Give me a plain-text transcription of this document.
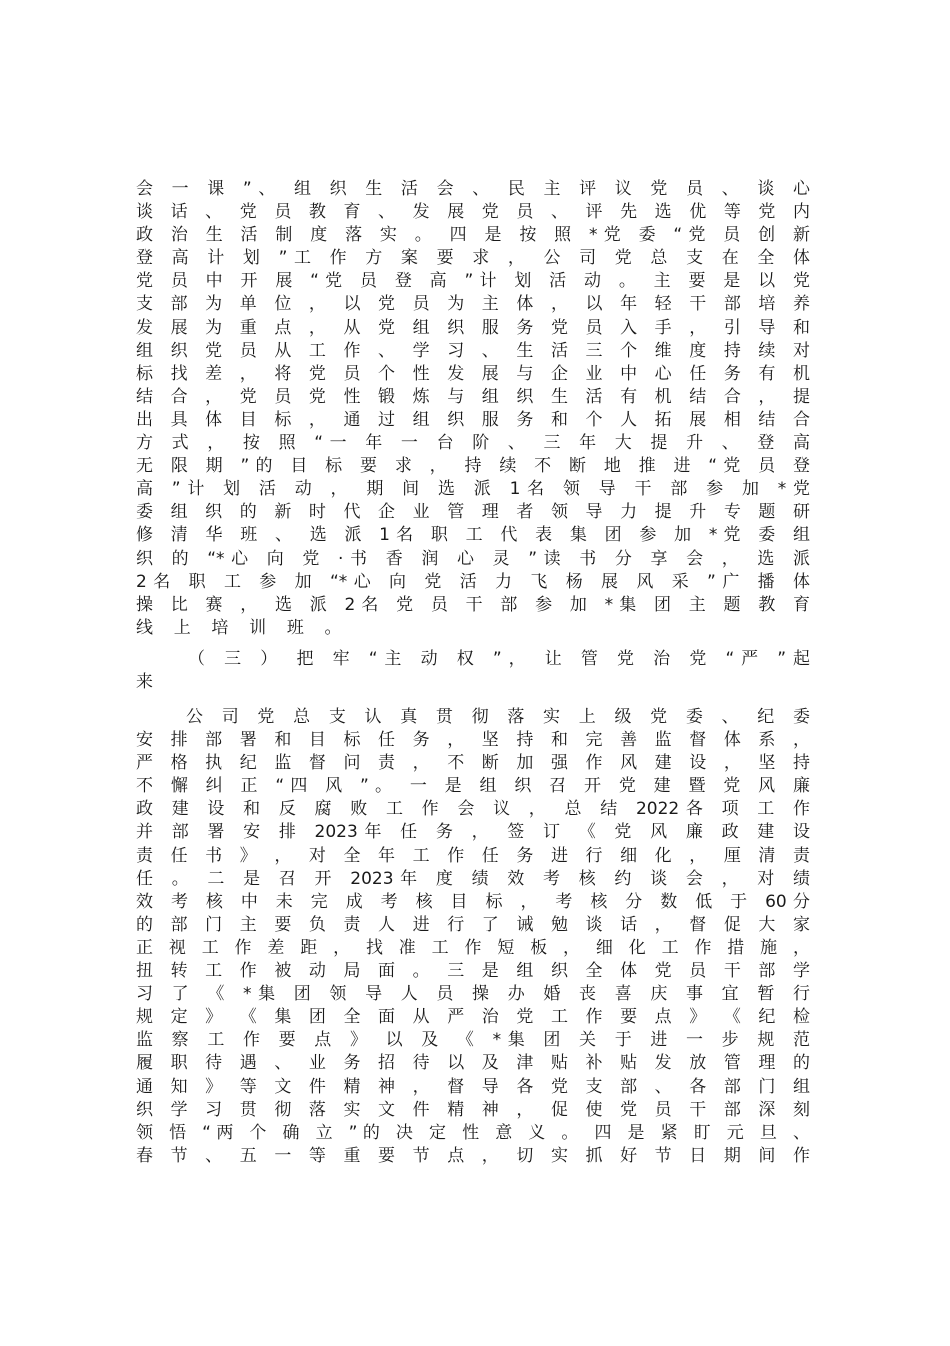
会 一 课 ”、 组 织 生 活 会 、 民 主 评 议 党 员 、 谈 心
谈 话 、 党 员 教 育 、 发 展 党 员 、 评 先 选 优 等 党 内
政 治 生 活 制 度 落 实 。 四 是 按 照 *党 委 “党 员 创 新
登 高 计 划 ”工 作 方 案 要 求 ， 公 司 党 总 支 在 全 体
党 员 中 开 展 “党 员 登 高 ”计 划 活 动 。 主 要 是 以 党
支 部 为 单 位 ， 以 党 员 为 主 体 ， 以 年 轻 干 部 培 养
发 展 为 重 点 ， 从 党 组 织 服 务 党 员 入 手 ， 引 导 和
组 织 党 员 从 工 作 、 学 习 、 生 活 三 个 维 度 持 续 对
标 找 差 ， 将 党 员 个 性 发 展 与 企 业 中 心 任 务 有 机
结 合 ， 党 员 党 性 锻 炼 与 组 织 生 活 有 机 结 合 ， 提
出 具 体 目 标 ， 通 过 组 织 服 务 和 个 人 拓 展 相 结 合
方 式 ， 按 照 “一 年 一 台 阶 、 三 年 大 提 升 、 登 高
无 限 期 ”的 目 标 要 求 ， 持 续 不 断 地 推 进 “党 员 登
高 ”计 划 活 动 ， 期 间 选 派 1名 领 导 干 部 参 加 *党
委 组 织 的 新 时 代 企 业 管 理 者 领 导 力 提 升 专 题 研
修 清 华 班 、 选 派 1名 职 工 代 表 集 团 参 加 *党 委 组
织 的 “*心 向 党 ·书 香 润 心 灵 ”读 书 分 享 会 ， 选 派
2名 职 工 参 加 “*心 向 党 活 力 飞 杨 展 风 采 ”广 播 体
操 比 赛 ， 选 派 2名 党 员 干 部 参 加 *集 团 主 题 教 育
线 上 培 训 班 。
（ 三 ） 把 牢 “主 动 权 ”， 让 管 党 治 党 “严 ”起
来
公 司 党 总 支 认 真 贯 彻 落 实 上 级 党 委 、 纪 委
安 排 部 署 和 目 标 任 务 ， 坚 持 和 完 善 监 督 体 系 ，
严 格 执 纪 监 督 问 责 ， 不 断 加 强 作 风 建 设 ， 坚 持
不 懈 纠 正 “四 风 ”。 一 是 组 织 召 开 党 建 暨 党 风 廉
政 建 设 和 反 腐 败 工 作 会 议 ， 总 结 2022各 项 工 作
并 部 署 安 排 2023年 任 务 ， 签 订 《 党 风 廉 政 建 设
责 任 书 》 ， 对 全 年 工 作 任 务 进 行 细 化 ， 厘 清 责
任 。 二 是 召 开 2023年 度 绩 效 考 核 约 谈 会 ， 对 绩
效 考 核 中 未 完 成 考 核 目 标 ， 考 核 分 数 低 于 60分
的 部 门 主 要 负 责 人 进 行 了 诫 勉 谈 话 ， 督 促 大 家
正 视 工 作 差 距 ， 找 准 工 作 短 板 ， 细 化 工 作 措 施 ，
扭 转 工 作 被 动 局 面 。 三 是 组 织 全 体 党 员 干 部 学
习 了 《 *集 团 领 导 人 员 操 办 婚 丧 喜 庆 事 宜 暂 行
规 定 》 《 集 团 全 面 从 严 治 党 工 作 要 点 》 《 纪 检
监 察 工 作 要 点 》 以 及 《 *集 团 关 于 进 一 步 规 范
履 职 待 遇 、 业 务 招 待 以 及 津 贴 补 贴 发 放 管 理 的
通 知 》 等 文 件 精 神 ， 督 导 各 党 支 部 、 各 部 门 组
织 学 习 贯 彻 落 实 文 件 精 神 ， 促 使 党 员 干 部 深 刻
领 悟 “两 个 确 立 ”的 决 定 性 意 义 。 四 是 紧 盯 元 旦 、
春 节 、 五 一 等 重 要 节 点 ， 切 实 抓 好 节 日 期 间 作
